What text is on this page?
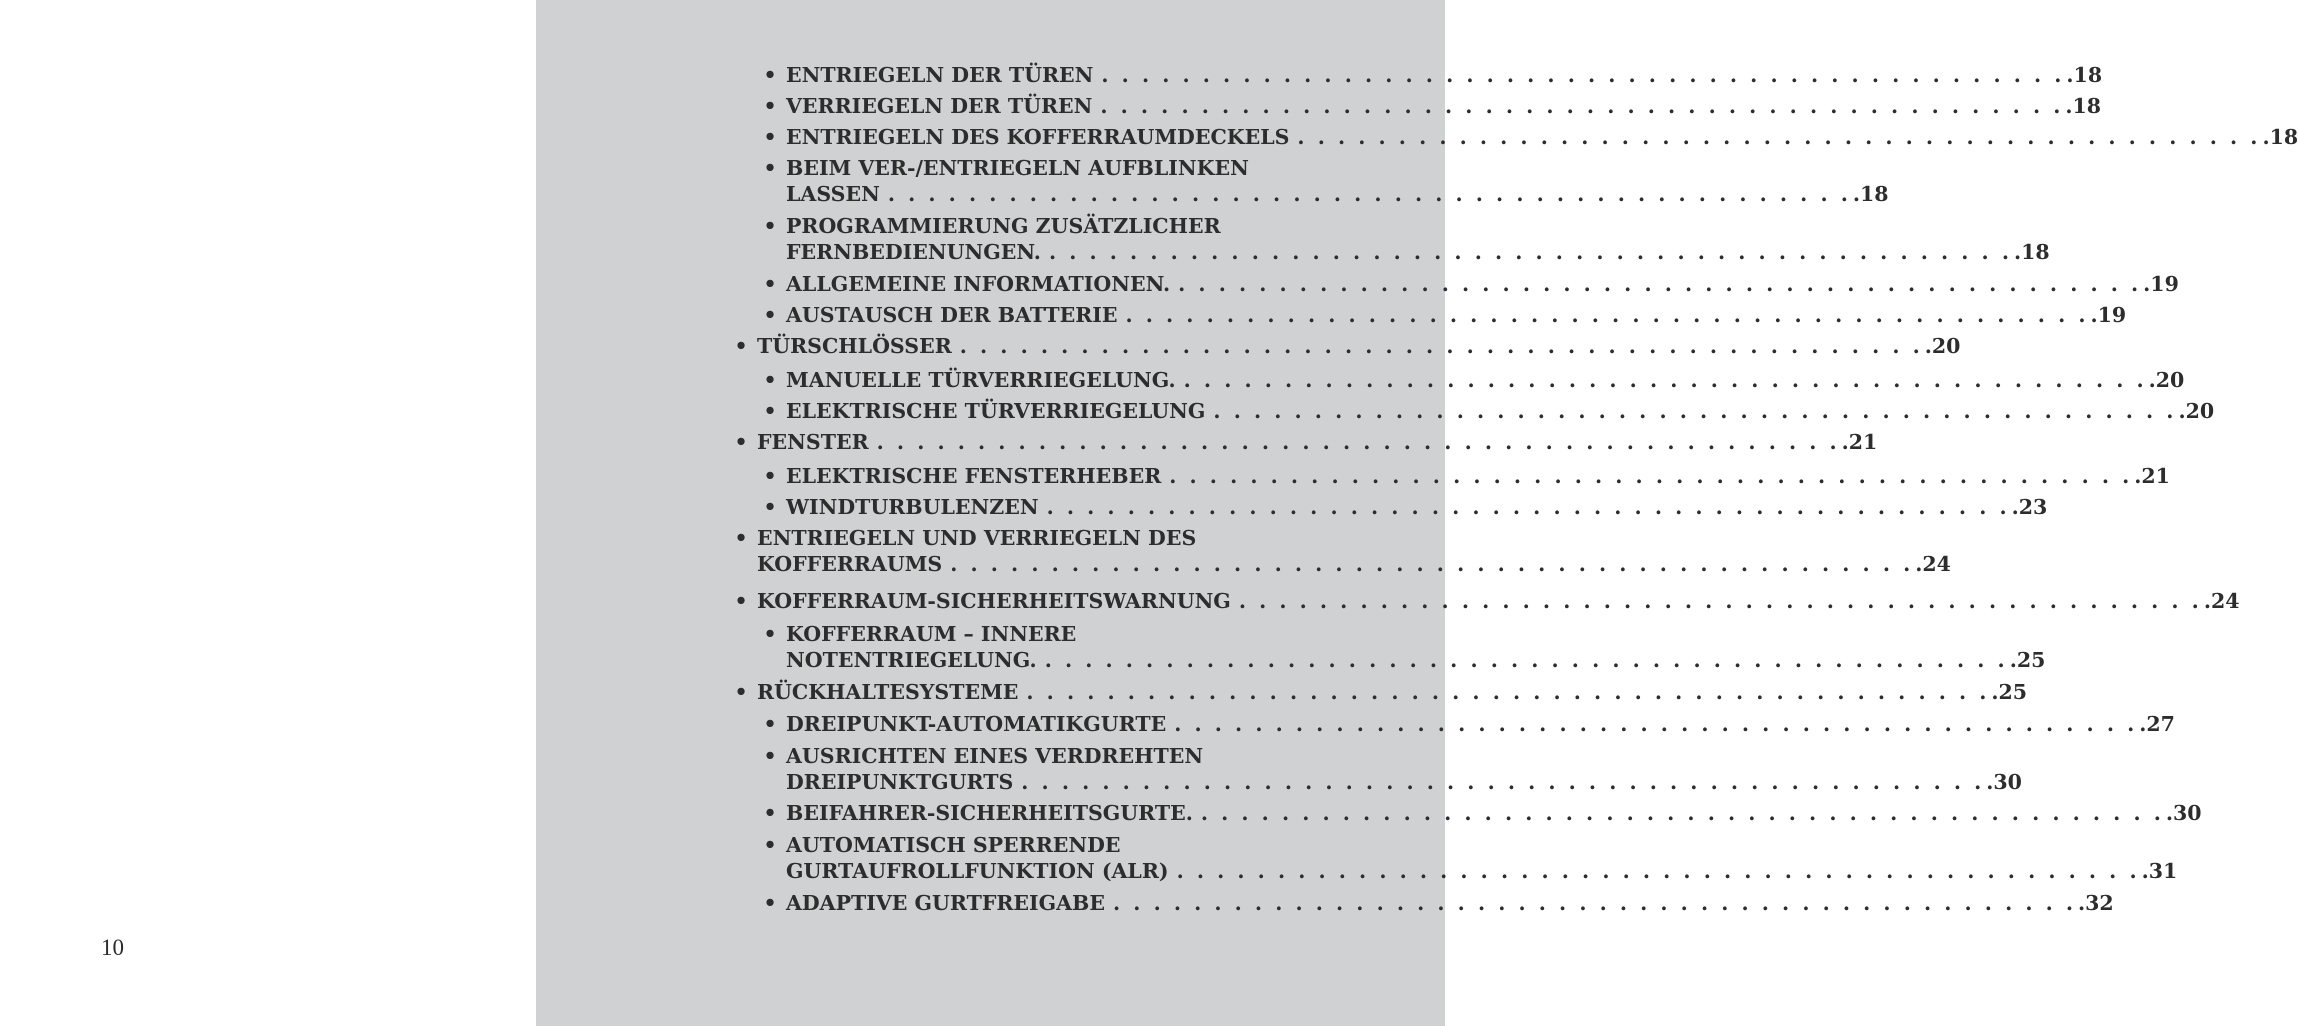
10
• ENTRIEGELN DER TÜREN . . . . . . . . . . . . . . . . . . . . . . . . . . . . . . . . . . . . . . . . . . . . . . . . .18
• VERRIEGELN DER TÜREN . . . . . . . . . . . . . . . . . . . . . . . . . . . . . . . . . . . . . . . . . . . . . . . . .18
• ENTRIEGELN DES KOFFERRAUMDECKELS . . . . . . . . . . . . . . . . . . . . . . . . . . . . . . . . . . . . . . . . . . . . . . . . .18
• BEIM VER-/ENTRIEGELN AUFBLINKEN
LASSEN . . . . . . . . . . . . . . . . . . . . . . . . . . . . . . . . . . . . . . . . . . . . . . . . .18
• PROGRAMMIERUNG ZUSÄTZLICHER
FERNBEDIENUNGEN. . . . . . . . . . . . . . . . . . . . . . . . . . . . . . . . . . . . . . . . . . . . . . . . . .18
• ALLGEMEINE INFORMATIONEN. . . . . . . . . . . . . . . . . . . . . . . . . . . . . . . . . . . . . . . . . . . . . . . . . .19
• AUSTAUSCH DER BATTERIE . . . . . . . . . . . . . . . . . . . . . . . . . . . . . . . . . . . . . . . . . . . . . . . . .19
• TÜRSCHLÖSSER . . . . . . . . . . . . . . . . . . . . . . . . . . . . . . . . . . . . . . . . . . . . . . . . .20
• MANUELLE TÜRVERRIEGELUNG. . . . . . . . . . . . . . . . . . . . . . . . . . . . . . . . . . . . . . . . . . . . . . . . . .20
• ELEKTRISCHE TÜRVERRIEGELUNG . . . . . . . . . . . . . . . . . . . . . . . . . . . . . . . . . . . . . . . . . . . . . . . . .20
• FENSTER . . . . . . . . . . . . . . . . . . . . . . . . . . . . . . . . . . . . . . . . . . . . . . . . .21
• ELEKTRISCHE FENSTERHEBER . . . . . . . . . . . . . . . . . . . . . . . . . . . . . . . . . . . . . . . . . . . . . . . . .21
• WINDTURBULENZEN . . . . . . . . . . . . . . . . . . . . . . . . . . . . . . . . . . . . . . . . . . . . . . . . .23
• ENTRIEGELN UND VERRIEGELN DES
KOFFERRAUMS . . . . . . . . . . . . . . . . . . . . . . . . . . . . . . . . . . . . . . . . . . . . . . . . .24
• KOFFERRAUM-SICHERHEITSWARNUNG . . . . . . . . . . . . . . . . . . . . . . . . . . . . . . . . . . . . . . . . . . . . . . . . .24
• KOFFERRAUM – INNERE
NOTENTRIEGELUNG. . . . . . . . . . . . . . . . . . . . . . . . . . . . . . . . . . . . . . . . . . . . . . . . . .25
• RÜCKHALTESYSTEME . . . . . . . . . . . . . . . . . . . . . . . . . . . . . . . . . . . . . . . . . . . . . . . . .25
• DREIPUNKT-AUTOMATIKGURTE . . . . . . . . . . . . . . . . . . . . . . . . . . . . . . . . . . . . . . . . . . . . . . . . .27
• AUSRICHTEN EINES VERDREHTEN
DREIPUNKTGURTS . . . . . . . . . . . . . . . . . . . . . . . . . . . . . . . . . . . . . . . . . . . . . . . . .30
• BEIFAHRER-SICHERHEITSGURTE. . . . . . . . . . . . . . . . . . . . . . . . . . . . . . . . . . . . . . . . . . . . . . . . . .30
• AUTOMATISCH SPERRENDE
GURTAUFROLLFUNKTION (ALR) . . . . . . . . . . . . . . . . . . . . . . . . . . . . . . . . . . . . . . . . . . . . . . . . .31
• ADAPTIVE GURTFREIGABE . . . . . . . . . . . . . . . . . . . . . . . . . . . . . . . . . . . . . . . . . . . . . . . . .32
